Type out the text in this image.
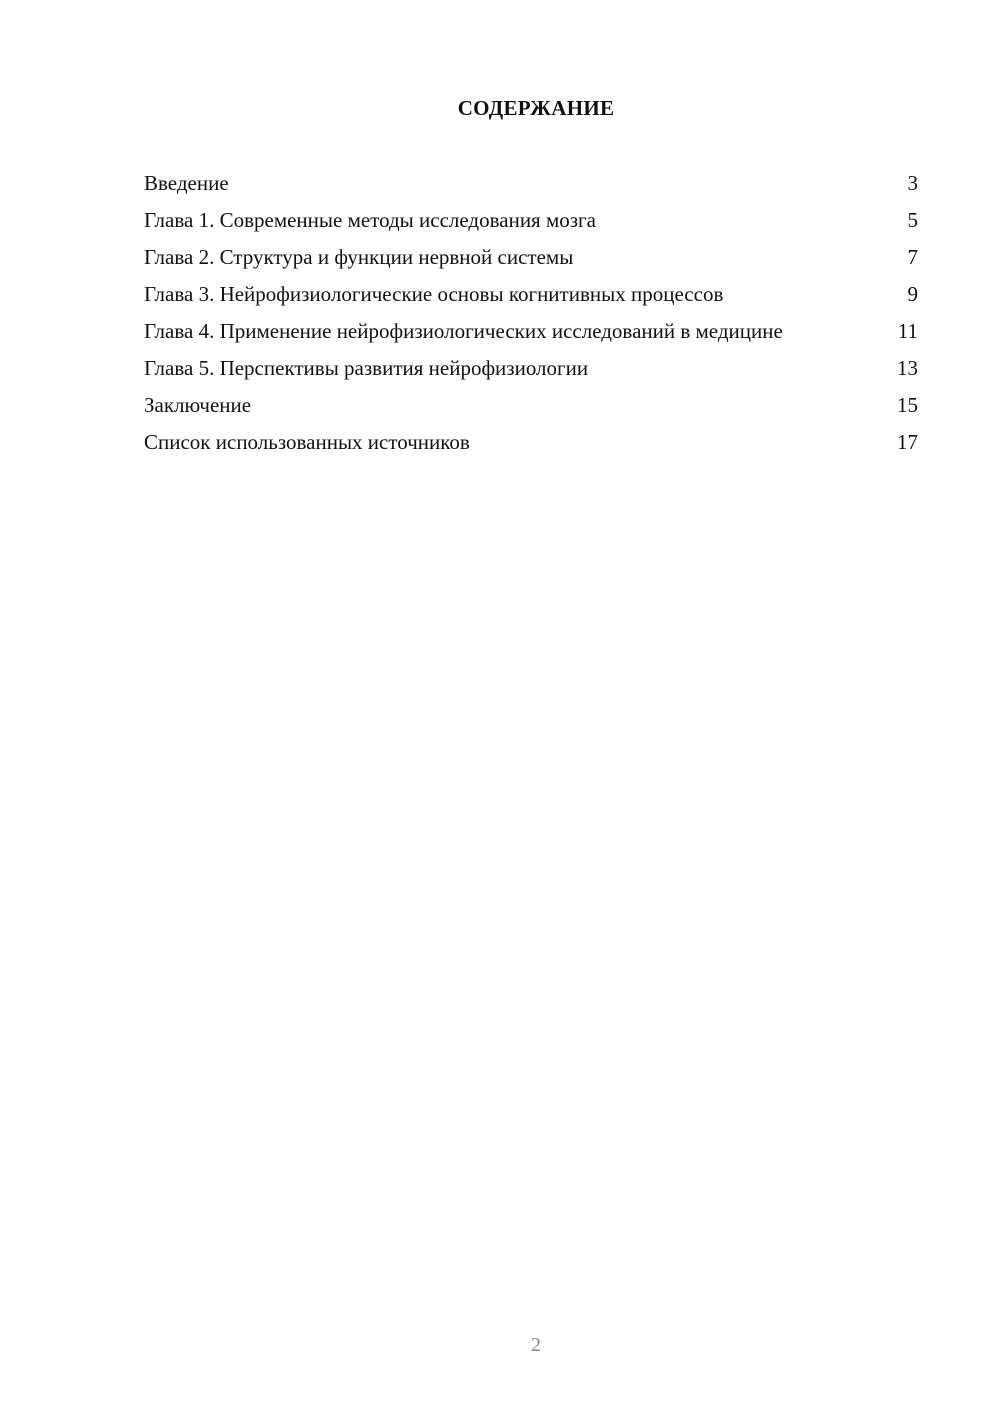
СОДЕРЖАНИЕ
Введение	3
Глава 1. Современные методы исследования мозга	5
Глава 2. Структура и функции нервной системы	7
Глава 3. Нейрофизиологические основы когнитивных процессов	9
Глава 4. Применение нейрофизиологических исследований в медицине	11
Глава 5. Перспективы развития нейрофизиологии	13
Заключение	15
Список использованных источников	17
2
